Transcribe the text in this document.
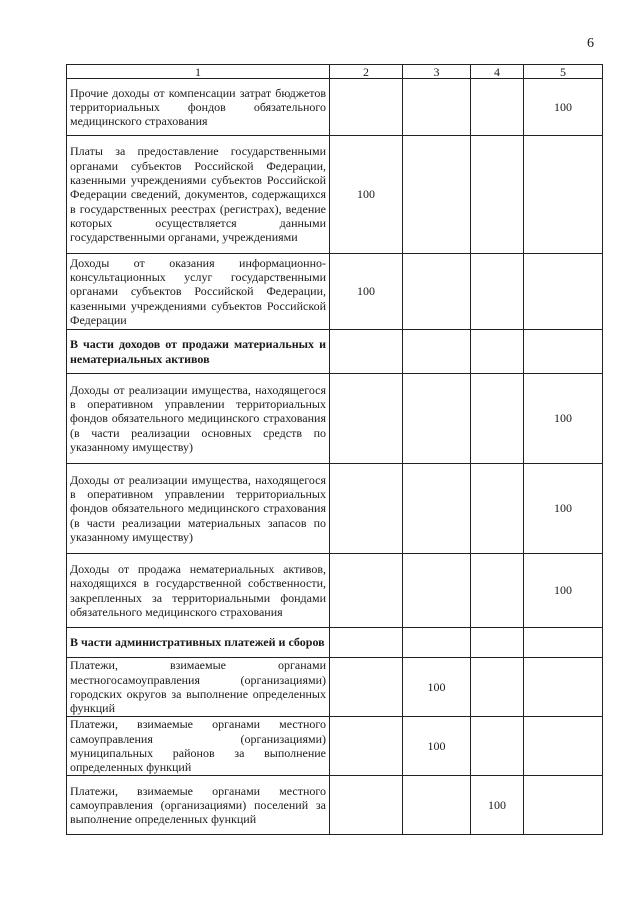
6
1	2	3	4	5
Прочие доходы от компенсации затрат бюджетов территориальных фондов обязательного медицинского страхования				100
Платы за предоставление государственными органами субъектов Российской Федерации, казенными учреждениями субъектов Российской Федерации сведений, документов, содержащихся в государственных реестрах (регистрах), ведение которых осуществляется данными государственными органами, учреждениями	100			
Доходы от оказания информационно-консультационных услуг государственными органами субъектов Российской Федерации, казенными учреждениями субъектов Российской Федерации	100			
В части доходов от продажи материальных и нематериальных активов				
Доходы от реализации имущества, находящегося в оперативном управлении территориальных фондов обязательного медицинского страхования (в части реализации основных средств по указанному имуществу)				100
Доходы от реализации имущества, находящегося в оперативном управлении территориальных фондов обязательного медицинского страхования (в части реализации материальных запасов по указанному имуществу)				100
Доходы от продажа нематериальных активов, находящихся в государственной собственности, закрепленных за территориальными фондами обязательного медицинского страхования				100
В части административных платежей и сборов				
Платежи, взимаемые органами местногосамоуправления (организациями) городских округов за выполнение определенных функций		100		
Платежи, взимаемые органами местного самоуправления (организациями) муниципальных районов за выполнение определенных функций		100		
Платежи, взимаемые органами местного самоуправления (организациями) поселений за выполнение определенных функций			100	
